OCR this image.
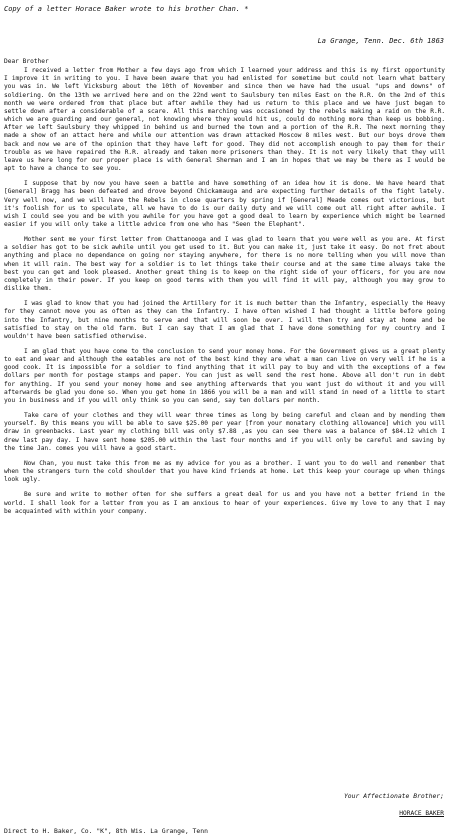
Copy of a letter Horace Baker wrote to his brother Chan. *
La Grange, Tenn. Dec. 6th 1863

Dear Brother

I received a letter from Mother a few days ago from which I learned your address and this is my first opportunity I improve it in writing to you. I have been aware that you had enlisted for sometime but could not learn what battery you was in. We left Vicksburg about the 10th of November and since then we have had the usual "ups and downs" of soldiering. On the 13th we arrived here and on the 22nd went to Saulsbury ten miles East on the R.R. On the 2nd of this month we were ordered from that place but after awhile they had us return to this place and we have just began to settle down after a considerable of a scare. All this marching was occasioned by the rebels making a raid on the R.R. which we are guarding and our general, not knowing where they would hit us, could do nothing more than keep us bobbing. After we left Saulsbury they whipped in behind us and burned the town and a portion of the R.R. The next morning they made a show of an attact here and while our attention was drawn attacked Moscow 8 miles west. But our boys drove them back and now we are of the opinion that they have left for good. They did not accomplish enough to pay them for their trouble as we have repaired the R.R. already and taken more prisoners than they. It is not very likely that they will leave us here long for our proper place is with General Sherman and I am in hopes that we may be there as I would be apt to have a chance to see you.

I suppose that by now you have seen a battle and have something of an idea how it is done. We have heard that [General] Bragg has been defeated and drove beyond Chickamauga and are expecting further details of the fight lately. Very well now, and we will have the Rebels in close quarters by spring if [General] Meade comes out victorious, but it's foolish for us to speculate, all we have to do is our daily duty and we will come out all right after awhile. I wish I could see you and be with you awhile for you have got a good deal to learn by experience which might be learned easier if you will only take a little advice from one who has "Seen the Elephant".

Mother sent me your first letter from Chattanooga and I was glad to learn that you were well as you are. At first a soldier has got to be sick awhile until you get used to it. But you can make it, just take it easy. Do not fret about anything and place no dependance on going nor staying anywhere, for there is no more telling when you will move than when it will rain. The best way for a soldier is to let things take their course and at the same time always take the best you can get and look pleased. Another great thing is to keep on the right side of your officers, for you are now completely in their power. If you keep on good terms with them you will find it will pay, although you may grow to dislike them.

I was glad to know that you had joined the Artillery for it is much better than the Infantry, especially the Heavy for they cannot move you as often as they can the Infantry. I have often wished I had thought a little before going into the Infantry, but nine months to serve and that will soon be over. I will then try and stay at home and be satisfied to stay on the old farm. But I can say that I am glad that I have done something for my country and I wouldn't have been satisfied otherwise.

I am glad that you have come to the conclusion to send your money home. For the Government gives us a great plenty to eat and wear and although the eatables are not of the best kind they are what a man can live on very well if he is a good cook. It is impossible for a soldier to find anything that it will pay to buy and with the exceptions of a few dollars per month for postage stamps and paper. You can just as well send the rest home. Above all don't run in debt for anything. If you send your money home and see anything afterwards that you want just do without it and you will afterwards be glad you done so. When you get home in 1866 you will be a man and will stand in need of a little to start you in business and if you will only think so you can send, say ten dollars per month.

Take care of your clothes and they will wear three times as long by being careful and clean and by mending them yourself. By this means you will be able to save $25.00 per year [from your monatary clothing allowance] which you will draw in greenbacks. Last year my clothing bill was only $7.88 ,as you can see there was a balance of $84.12 which I drew last pay day. I have sent home $205.00 within the last four months and if you will only be careful and saving by the time Jan. comes you will have a good start.

Now Chan, you must take this from me as my advice for you as a brother. I want you to do well and remember that when the strangers turn the cold shoulder that you have kind friends at home. Let this keep your courage up when things look ugly.

Be sure and write to mother often for she suffers a great deal for us and you have not a better friend in the world. I shall look for a letter from you as I am anxious to hear of your experiences. Give my love to any that I may be acquainted with within your company.

Your Affectionate Brother;
HORACE BAKER
Direct to H. Baker, Co. "K", 8th Wis. La Grange, Tenn
